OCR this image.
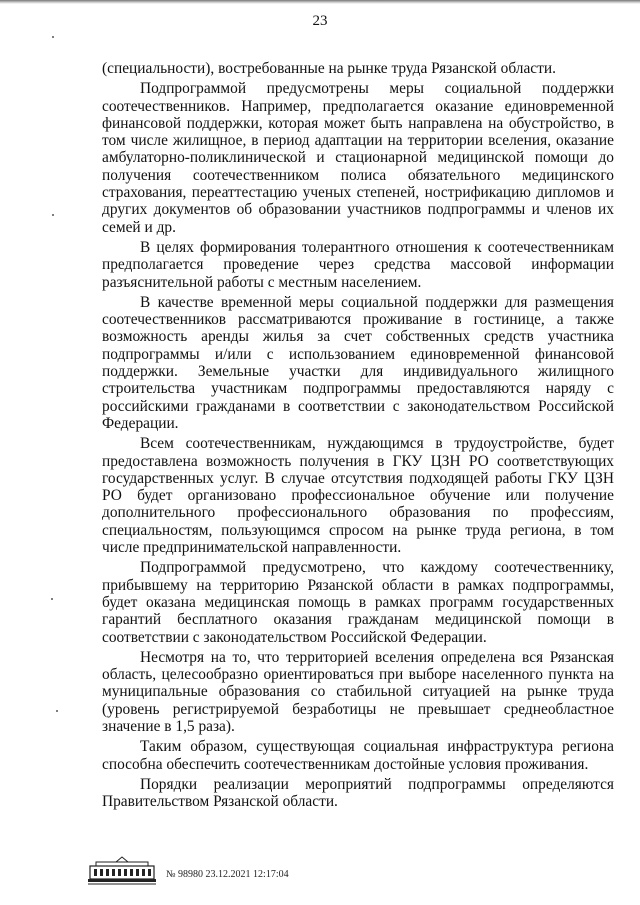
23

(специальности), востребованные на рынке труда Рязанской области.

Подпрограммой предусмотрены меры социальной поддержки соотечественников. Например, предполагается оказание единовременной финансовой поддержки, которая может быть направлена на обустройство, в том числе жилищное, в период адаптации на территории вселения, оказание амбулаторно-поликлинической и стационарной медицинской помощи до получения соотечественником полиса обязательного медицинского страхования, переаттестацию ученых степеней, нострификацию дипломов и других документов об образовании участников подпрограммы и членов их семей и др.

В целях формирования толерантного отношения к соотечественникам предполагается проведение через средства массовой информации разъяснительной работы с местным населением.

В качестве временной меры социальной поддержки для размещения соотечественников рассматриваются проживание в гостинице, а также возможность аренды жилья за счет собственных средств участника подпрограммы и/или с использованием единовременной финансовой поддержки. Земельные участки для индивидуального жилищного строительства участникам подпрограммы предоставляются наряду с российскими гражданами в соответствии с законодательством Российской Федерации.

Всем соотечественникам, нуждающимся в трудоустройстве, будет предоставлена возможность получения в ГКУ ЦЗН РО соответствующих государственных услуг. В случае отсутствия подходящей работы ГКУ ЦЗН РО будет организовано профессиональное обучение или получение дополнительного профессионального образования по профессиям, специальностям, пользующимся спросом на рынке труда региона, в том числе предпринимательской направленности.

Подпрограммой предусмотрено, что каждому соотечественнику, прибывшему на территорию Рязанской области в рамках подпрограммы, будет оказана медицинская помощь в рамках программ государственных гарантий бесплатного оказания гражданам медицинской помощи в соответствии с законодательством Российской Федерации.

Несмотря на то, что территорией вселения определена вся Рязанская область, целесообразно ориентироваться при выборе населенного пункта на муниципальные образования со стабильной ситуацией на рынке труда (уровень регистрируемой безработицы не превышает среднеобластное значение в 1,5 раза).

Таким образом, существующая социальная инфраструктура региона способна обеспечить соотечественникам достойные условия проживания.

Порядки реализации мероприятий подпрограммы определяются Правительством Рязанской области.

№ 98980 23.12.2021 12:17:04
